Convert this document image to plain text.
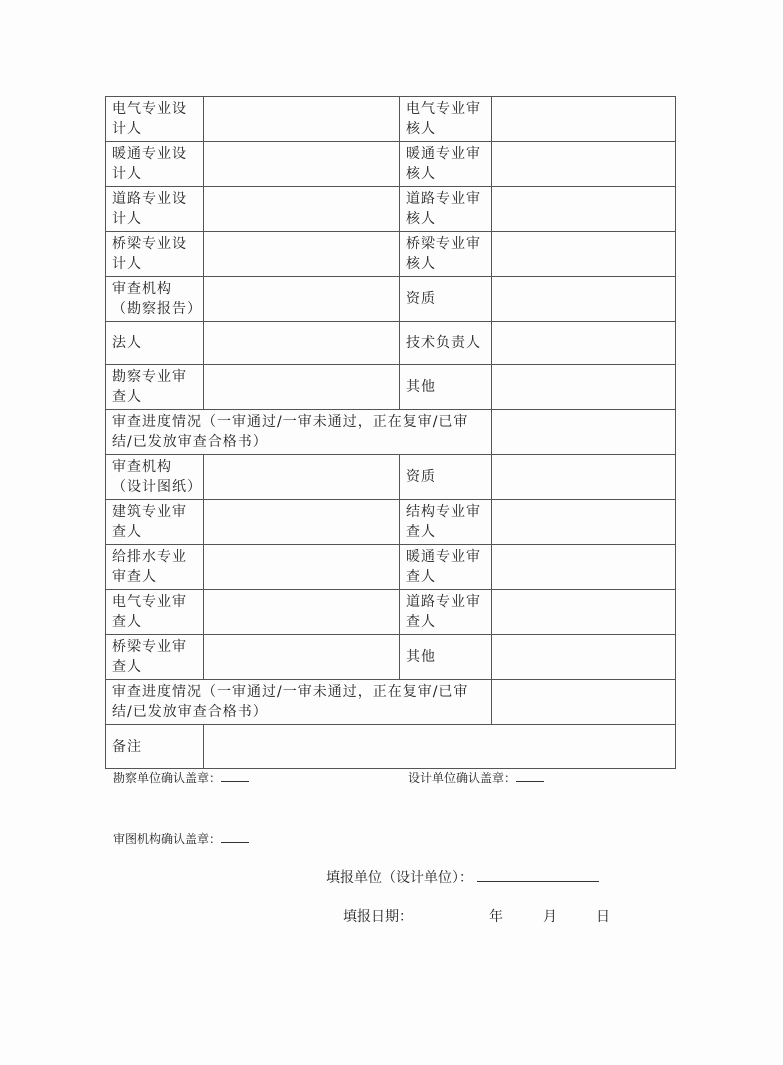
电气专业设计人		电气专业审核人	
暖通专业设计人		暖通专业审核人	
道路专业设计人		道路专业审核人	
桥梁专业设计人		桥梁专业审核人	
审查机构（勘察报告）		资质	
法人		技术负责人	
勘察专业审查人		其他	
审查进度情况（一审通过/一审未通过，正在复审/已审结/已发放审查合格书）			
审查机构（设计图纸）		资质	
建筑专业审查人		结构专业审查人	
给排水专业审查人		暖通专业审查人	
电气专业审查人		道路专业审查人	
桥梁专业审查人		其他	
审查进度情况（一审通过/一审未通过，正在复审/已审结/已发放审查合格书）			
备注			
勘察单位确认盖章：	设计单位确认盖章：
审图机构确认盖章：
填报单位（设计单位）：
填报日期：	年	月	日
